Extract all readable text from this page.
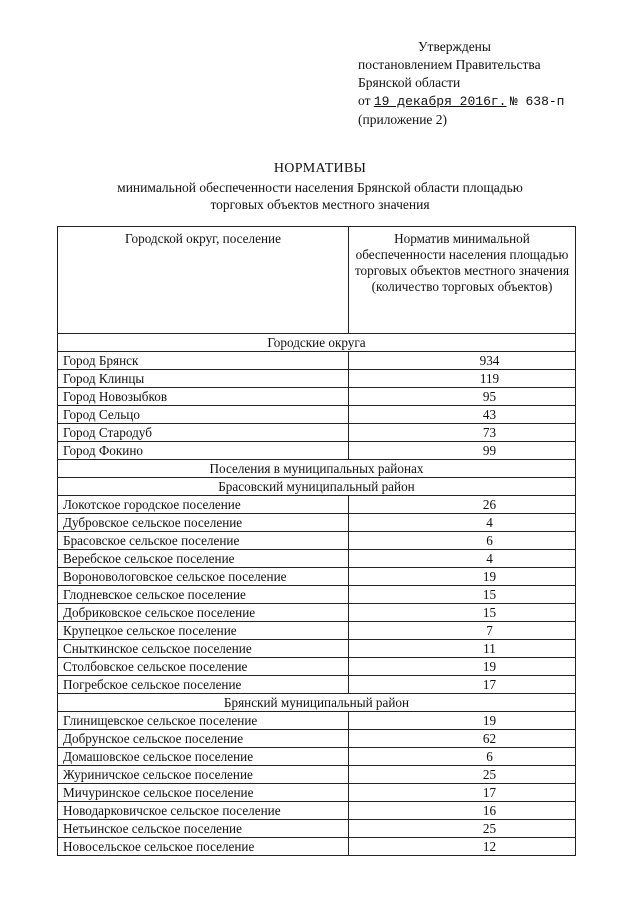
Утверждены
постановлением Правительства
Брянской области
от 19 декабря 2016г. № 638-п
(приложение 2)
НОРМАТИВЫ
минимальной обеспеченности населения Брянской области площадью
торговых объектов местного значения
Городской округ, поселение	Норматив минимальной обеспеченности населения площадью торговых объектов местного значения (количество торговых объектов)
Городские округа	
Город Брянск	934
Город Клинцы	119
Город Новозыбков	95
Город Сельцо	43
Город Стародуб	73
Город Фокино	99
Поселения в муниципальных районах	
Брасовский муниципальный район	
Локотское городское поселение	26
Дубровское сельское поселение	4
Брасовское сельское поселение	6
Веребское сельское поселение	4
Вороновологовское сельское поселение	19
Глодневское сельское поселение	15
Добриковское сельское поселение	15
Крупецкое сельское поселение	7
Снытки​нское сельское поселение	11
Столбовское сельское поселение	19
Погребское сельское поселение	17
Брянский муниципальный район	
Глинищевское сельское поселение	19
Добрунское сельское поселение	62
Домашовское сельское поселение	6
Журиничское сельское поселение	25
Мичуринское сельское поселение	17
Новодарковичское сельское поселение	16
Нетьинское сельское поселение	25
Новосельское сельское поселение	12
